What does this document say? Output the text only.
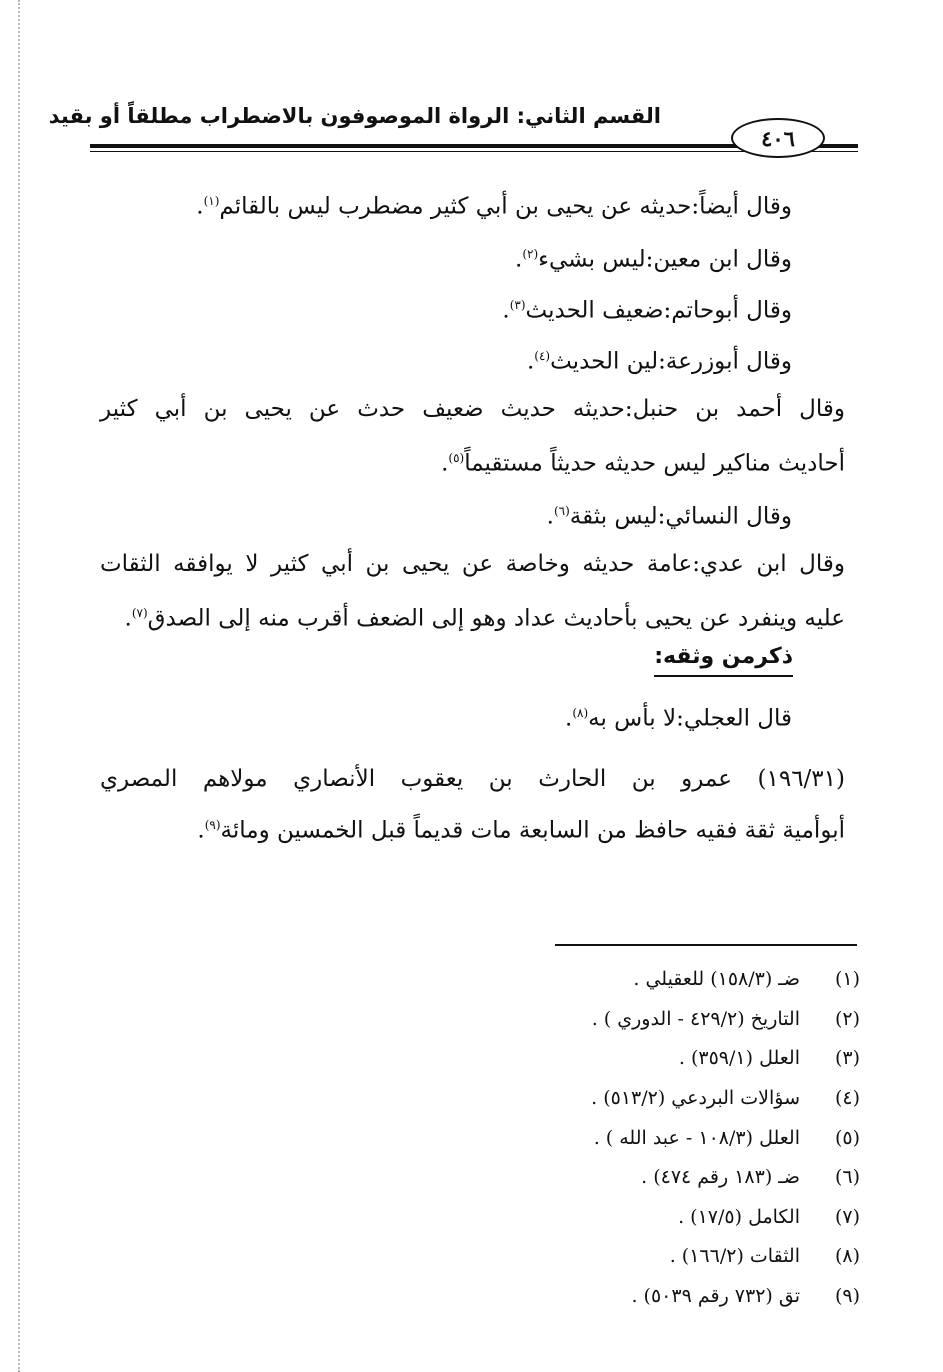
القسم الثاني: الرواة الموصوفون بالاضطراب مطلقاً أو بقيد
٤٠٦
وقال أيضاً:حديثه عن يحيى بن أبي كثير مضطرب ليس بالقائم$^{(١)}$.
وقال ابن معين:ليس بشيء$^{(٢)}$.
وقال أبوحاتم:ضعيف الحديث$^{(٣)}$.
وقال أبوزرعة:لين الحديث$^{(٤)}$.
وقال أحمد بن حنبل:حديثه حديث ضعيف حدث عن يحيى بن أبي كثير
أحاديث مناكير ليس حديثه حديثاً مستقيماً$^{(٥)}$.
وقال النسائي:ليس بثقة$^{(٦)}$.
وقال ابن عدي:عامة حديثه وخاصة عن يحيى بن أبي كثير لا يوافقه الثقات
عليه وينفرد عن يحيى بأحاديث عداد وهو إلى الضعف أقرب منه إلى الصدق$^{(٧)}$.
ذكرمن وثقه:
قال العجلي:لا بأس به$^{(٨)}$.
(١٩٦/٣١) عمرو بن الحارث بن يعقوب الأنصاري مولاهم المصري
أبوأمية ثقة فقيه حافظ من السابعة مات قديماً قبل الخمسين ومائة$^{(٩)}$.
(١)ضـ (١٥٨/٣) للعقيلي .
(٢)التاريخ (٤٢٩/٢ - الدوري ) .
(٣)العلل (٣٥٩/١) .
(٤)سؤالات البردعي (٥١٣/٢) .
(٥)العلل (١٠٨/٣ - عبد الله ) .
(٦)ضـ (١٨٣ رقم ٤٧٤) .
(٧)الكامل (١٧/٥) .
(٨)الثقات (١٦٦/٢) .
(٩)تق (٧٣٢ رقم ٥٠٣٩) .
